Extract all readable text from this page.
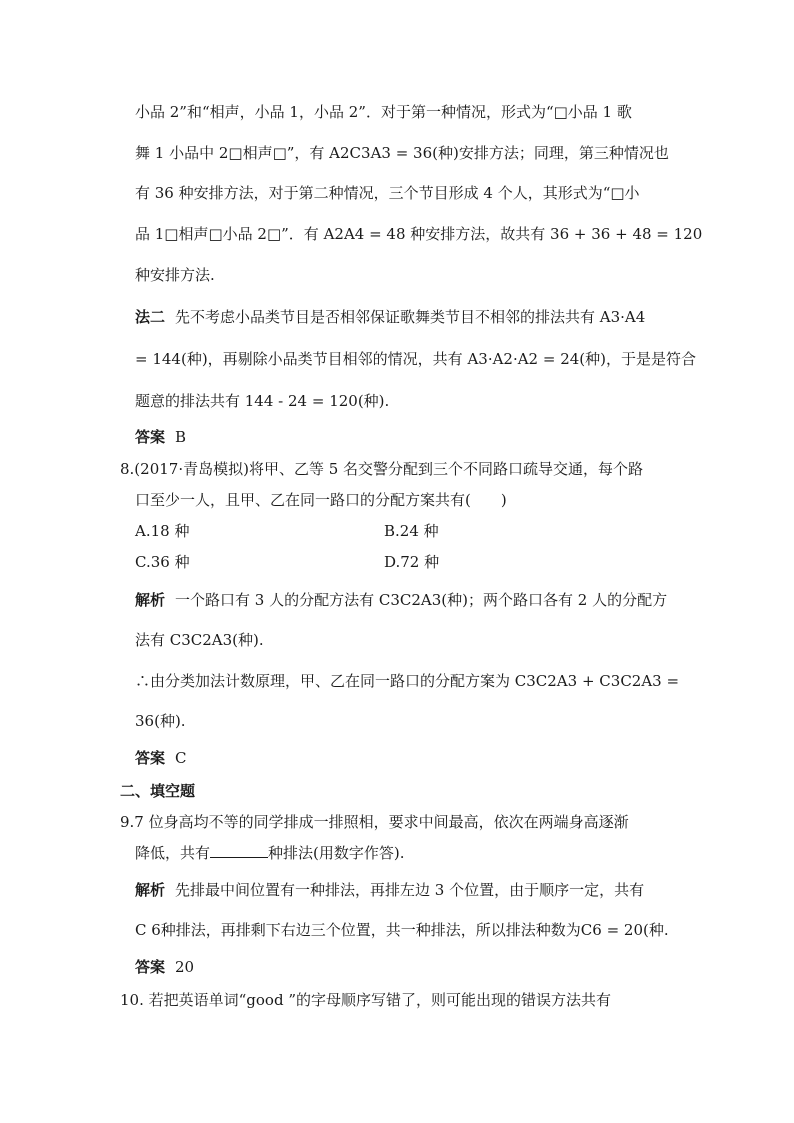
小品 2”和“相声，小品 1，小品 2”．对于第一种情况，形式为“□小品 1 歌
舞 1 小品中 2□相声□”，有 A2C3A3 = 36(种)安排方法；同理，第三种情况也
有 36 种安排方法，对于第二种情况，三个节目形成 4 个人，其形式为“□小
品 1□相声□小品 2□”．有 A2A4 = 48 种安排方法，故共有 36 + 36 + 48 = 120
种安排方法.
法二 先不考虑小品类节目是否相邻保证歌舞类节目不相邻的排法共有 A3·A4
= 144(种)，再剔除小品类节目相邻的情况，共有 A3·A2·A2 = 24(种)，于是是符合
题意的排法共有 144 - 24 = 120(种).
答案 B
8.(2017·青岛模拟)将甲、乙等 5 名交警分配到三个不同路口疏导交通，每个路
口至少一人，且甲、乙在同一路口的分配方案共有(　　)
A.18 种	B.24 种
C.36 种	D.72 种
解析 一个路口有 3 人的分配方法有 C3C2A3(种)；两个路口各有 2 人的分配方
法有 C3C2A3(种).
∴由分类加法计数原理，甲、乙在同一路口的分配方案为 C3C2A3 + C3C2A3 =
36(种).
答案 C
二、填空题
9.7 位身高均不等的同学排成一排照相，要求中间最高，依次在两端身高逐渐
降低，共有	种排法(用数字作答).
解析 先排最中间位置有一种排法，再排左边 3 个位置，由于顺序一定，共有
C 6种排法，再排剩下右边三个位置，共一种排法，所以排法种数为C6 = 20(种.
答案 20
10. 若把英语单词“good ”的字母顺序写错了，则可能出现的错误方法共有
